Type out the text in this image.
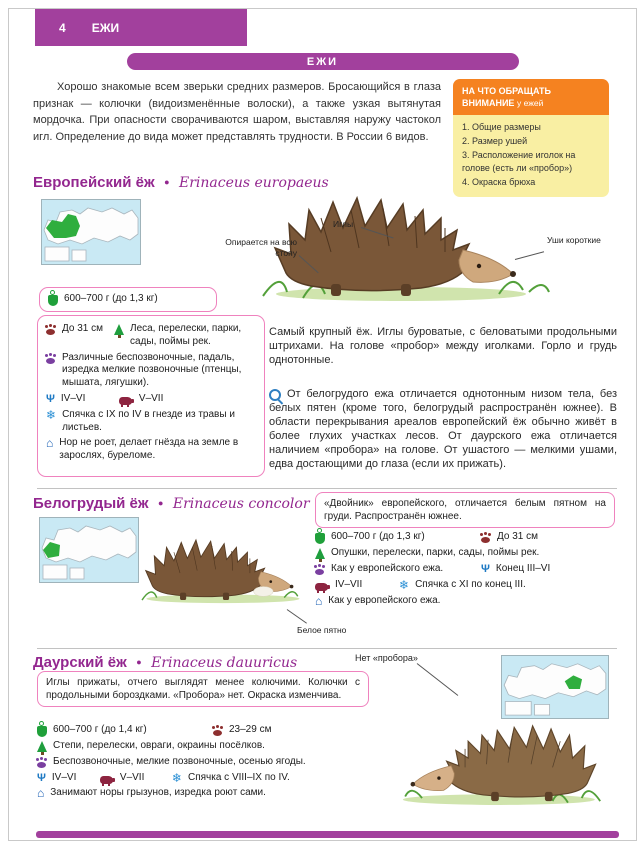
4 ЕЖИ
ЕЖИ

Хорошо знакомые всем зверьки средних размеров. Бросающийся в глаза признак — колючки (видоизменённые волоски), а также узкая вытянутая мордочка. При опасности сворачиваются шаром, выставляя наружу частокол игл. Определение до вида может представлять трудности. В России 6 видов.

НА ЧТО ОБРАЩАТЬ ВНИМАНИЕ у ежей
1. Общие размеры
2. Размер ушей
3. Расположение иголок на голове (есть ли «пробор»)
4. Окраска брюха
Европейский ёж ● Erinaceus europaeus
Иглы
Опирается на всю стопу
Уши короткие
600–700 г (до 1,3 кг)
До 31 см	Леса, перелески, парки, сады, поймы рек.
Различные беспозвоночные, падаль, изредка мелкие позвоночные (птенцы, мышата, лягушки).
Ψ IV–VI	V–VII
❄ Спячка с IX по IV в гнезде из травы и листьев.
⌂ Нор не роет, делает гнёзда на земле в зарослях, буреломе.

Самый крупный ёж. Иглы буроватые, с беловатыми продольными штрихами. На голове «пробор» между иголками. Горло и грудь однотонные.

От белогрудого ежа отличается однотонным низом тела, без белых пятен (кроме того, белогрудый распространён южнее). В области перекрывания ареалов европейский ёж обычно живёт в более глухих участках лесов. От даурского ежа отличается наличием «пробора» на голове. От ушастого — мелкими ушами, едва достающими до глаза (если их прижать).

Белогрудый ёж ● Erinaceus concolor
Белое пятно
«Двойник» европейского, отличается белым пятном на груди. Распространён южнее.
600–700 г (до 1,3 кг)	До 31 см
Опушки, перелески, парки, сады, поймы рек.
Как у европейского ежа.	Ψ Конец III–VI
IV–VII	❄ Спячка с XI по конец III.
⌂ Как у европейского ежа.
Даурский ёж ● Erinaceus dauuricus	Нет «пробора»
Иглы прижаты, отчего выглядят менее колючими. Колючки с продольными бороздками. «Пробора» нет. Окраска изменчива.
600–700 г (до 1,4 кг)	23–29 см
Степи, перелески, овраги, окраины посёлков.
Беспозвоночные, мелкие позвоночные, осенью ягоды.
Ψ IV–VI	V–VII	❄ Спячка с VIII–IX по IV.
⌂ Занимают норы грызунов, изредка роют сами.
